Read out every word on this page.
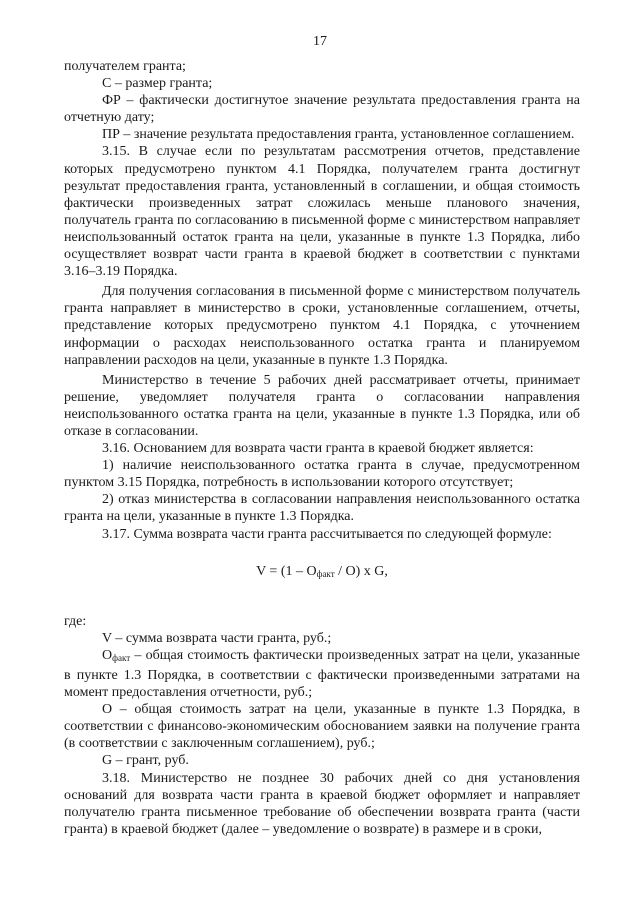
17

получателем гранта;

С – размер гранта;

ФР – фактически достигнутое значение результата предоставления гранта на отчетную дату;

ПР – значение результата предоставления гранта, установленное соглашением.

3.15. В случае если по результатам рассмотрения отчетов, представление которых предусмотрено пунктом 4.1 Порядка, получателем гранта достигнут результат предоставления гранта, установленный в соглашении, и общая стоимость фактически произведенных затрат сложилась меньше планового значения, получатель гранта по согласованию в письменной форме с министерством направляет неиспользованный остаток гранта на цели, указанные в пункте 1.3 Порядка, либо осуществляет возврат части гранта в краевой бюджет в соответствии с пунктами 3.16–3.19 Порядка.

Для получения согласования в письменной форме с министерством получатель гранта направляет в министерство в сроки, установленные соглашением, отчеты, представление которых предусмотрено пунктом 4.1 Порядка, с уточнением информации о расходах неиспользованного остатка гранта и планируемом направлении расходов на цели, указанные в пункте 1.3 Порядка.

Министерство в течение 5 рабочих дней рассматривает отчеты, принимает решение, уведомляет получателя гранта о согласовании направления неиспользованного остатка гранта на цели, указанные в пункте 1.3 Порядка, или об отказе в согласовании.

3.16. Основанием для возврата части гранта в краевой бюджет является:

1) наличие неиспользованного остатка гранта в случае, предусмотренном пунктом 3.15 Порядка, потребность в использовании которого отсутствует;

2) отказ министерства в согласовании направления неиспользованного остатка гранта на цели, указанные в пункте 1.3 Порядка.

3.17. Сумма возврата части гранта рассчитывается по следующей формуле:

$V = (1 - O_{факт} / O)$ x G,

где:

V – сумма возврата части гранта, руб.;

$O_{факт}$ – общая стоимость фактически произведенных затрат на цели, указанные в пункте 1.3 Порядка, в соответствии с фактически произведенными затратами на момент предоставления отчетности, руб.;

О – общая стоимость затрат на цели, указанные в пункте 1.3 Порядка, в соответствии с финансово-экономическим обоснованием заявки на получение гранта (в соответствии с заключенным соглашением), руб.;

G – грант, руб.

3.18. Министерство не позднее 30 рабочих дней со дня установления оснований для возврата части гранта в краевой бюджет оформляет и направляет получателю гранта письменное требование об обеспечении возврата гранта (части гранта) в краевой бюджет (далее – уведомление о возврате) в размере и в сроки,
